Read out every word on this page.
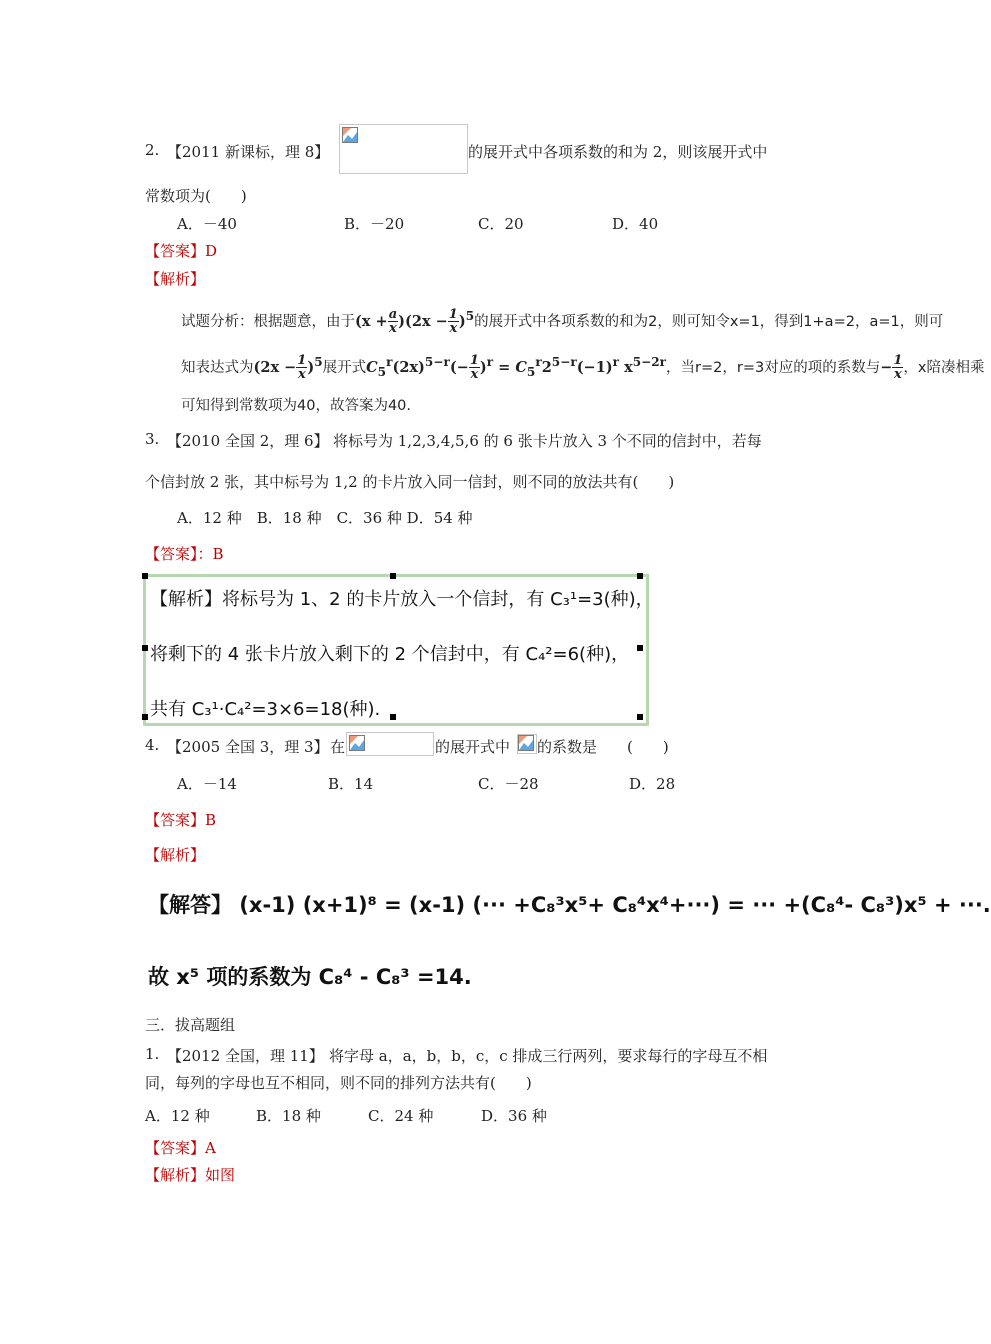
2. 【2011 新课标，理 8】	的展开式中各项系数的和为 2，则该展开式中
常数项为(　　)
A．－40	B．－20	C．20	D．40
【答案】D
【解析】
试题分析：根据题意，由于$(x + \frac{a}{x} )(2x - \frac{1}{x} )^5$的展开式中各项系数的和为2，则可知令x=1，得到1+a=2，a=1，则可
知表达式为$(2x - \frac{1}{x} )^5$展开式$C_5^r(2x)^{5-r}(- \frac{1}{x} )^r = C_5^r2^{5-r}(-1)^r$ $x^{5-2r}$，当r=2，r=3对应的项的系数与− $\frac{1}{x}$ ，x陪凑相乘
可知得到常数项为40，故答案为40.
3. 【2010 全国 2，理 6】 将标号为 1,2,3,4,5,6 的 6 张卡片放入 3 个不同的信封中，若每
个信封放 2 张，其中标号为 1,2 的卡片放入同一信封，则不同的放法共有(　　)
A．12 种　B．18 种　C．36 种 D．54 种
【答案】：B
【解析】将标号为 1、2 的卡片放入一个信封，有 C₃¹=3(种)，
将剩下的 4 张卡片放入剩下的 2 个信封中，有 C₄²=6(种)，
共有 C₃¹·C₄²=3×6=18(种).
4. 【2005 全国 3，理 3】 在	的展开式中 的系数是　　(　　)
A．－14	B．14	C．－28	D．28
【答案】B
【解析】
【解答】 (x-1) (x+1)⁸ = (x-1) (··· +C₈³x⁵+ C₈⁴x⁴+···) = ··· +(C₈⁴- C₈³)x⁵ + ···.
故 x⁵ 项的系数为 C₈⁴ - C₈³ =14.
三．拔高题组
1. 【2012 全国，理 11】 将字母 a，a，b，b，c，c 排成三行两列，要求每行的字母互不相
同，每列的字母也互不相同，则不同的排列方法共有(　　)
A．12 种	B．18 种	C．24 种	D．36 种
【答案】A
【解析】如图
